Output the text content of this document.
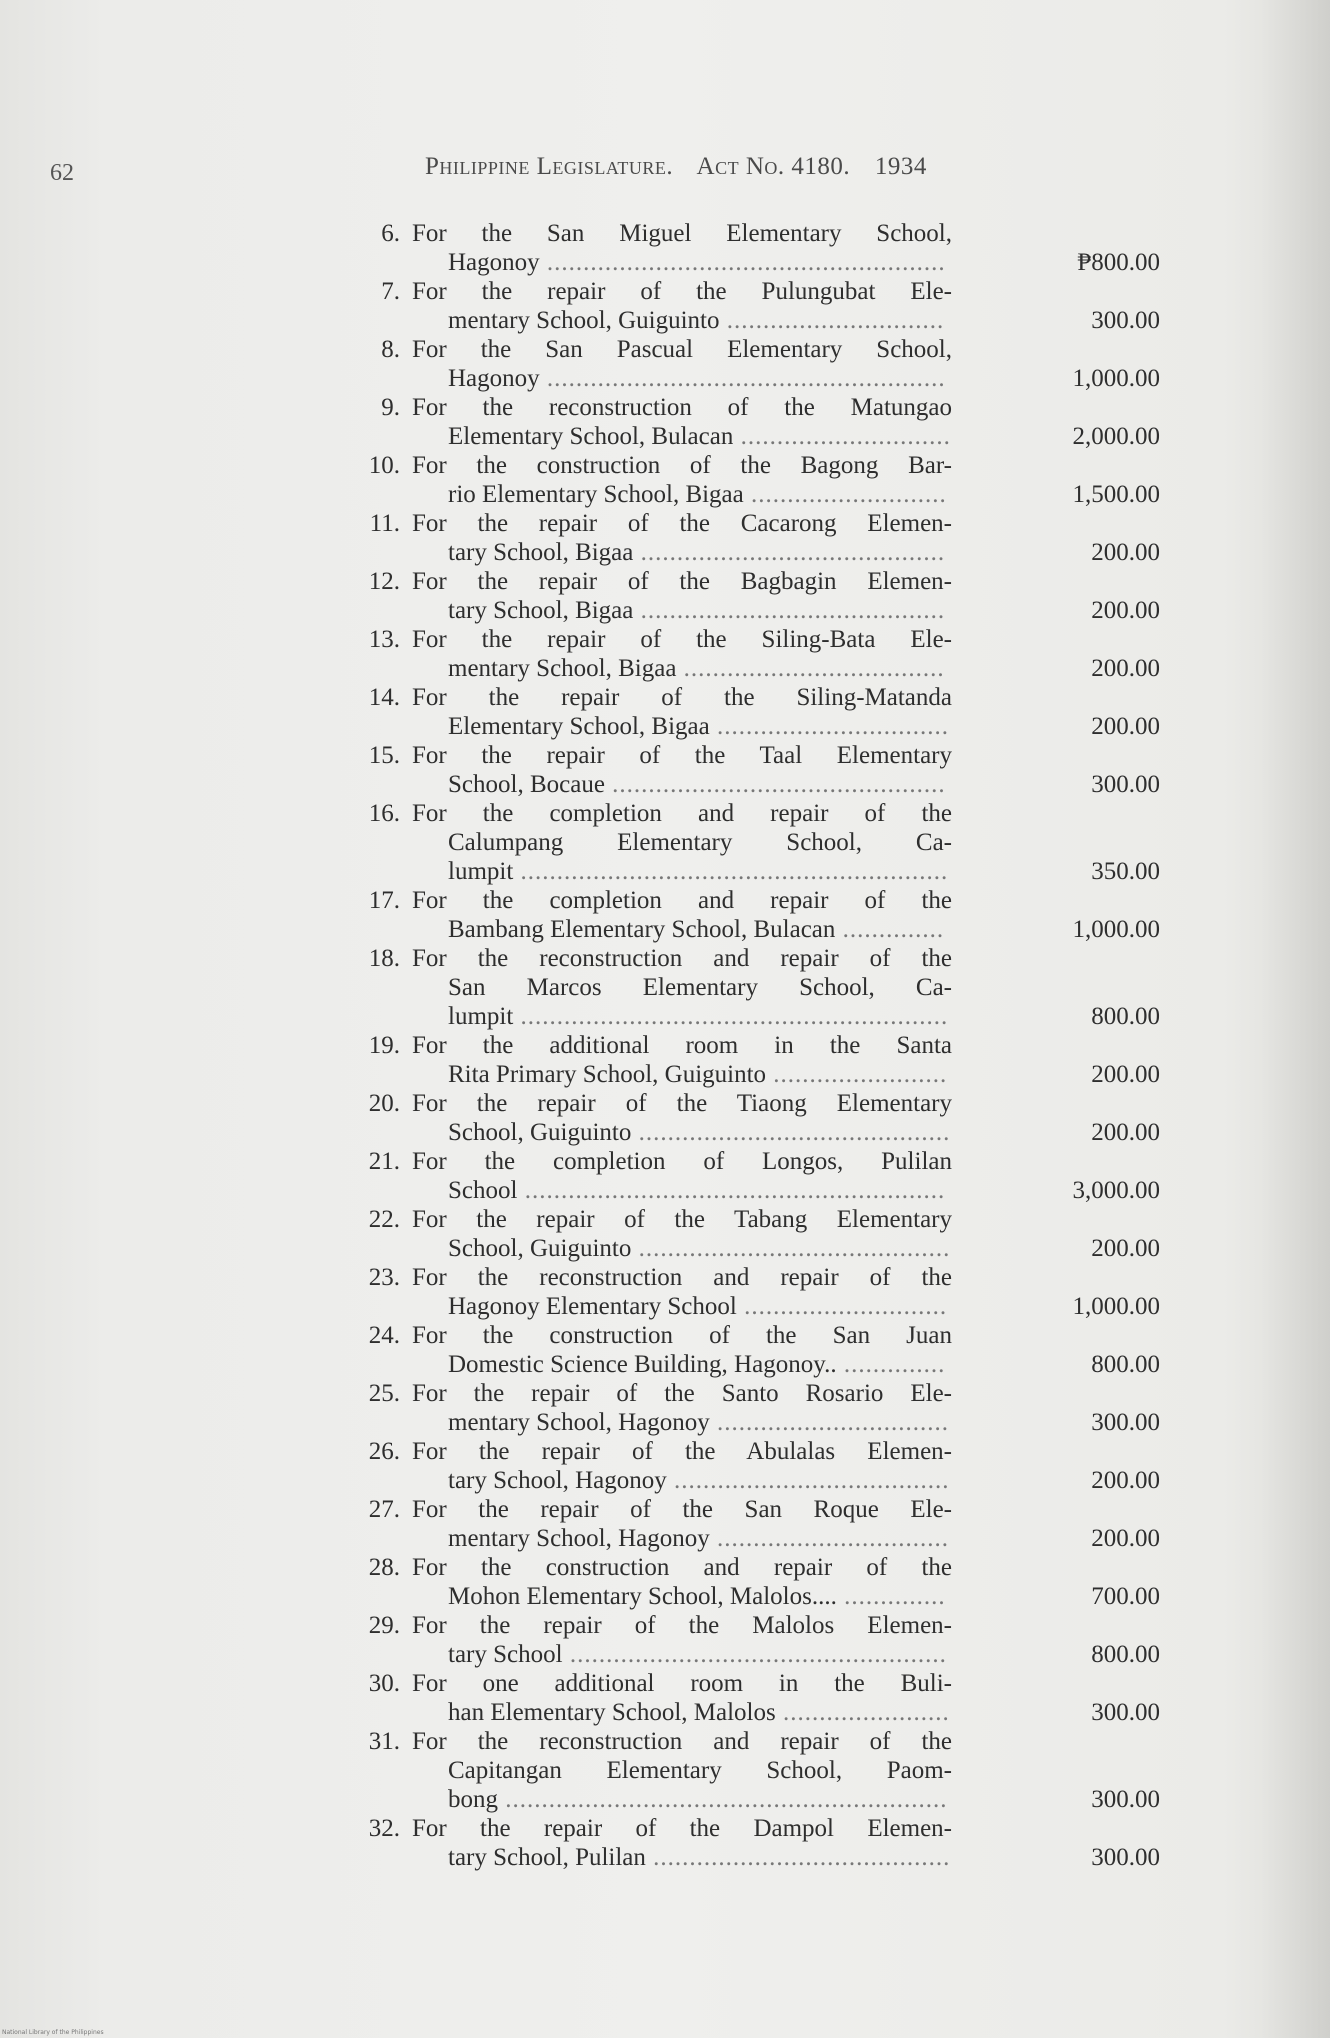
62	Philippine Legislature. Act No. 4180. 1934
6. For the San Miguel Elementary School,
Hagonoy .......................................................	₱800.00
7. For the repair of the Pulungubat Ele-
mentary School, Guiguinto ..............................	300.00
8. For the San Pascual Elementary School,
Hagonoy .......................................................	1,000.00
9. For the reconstruction of the Matungao
Elementary School, Bulacan .............................	2,000.00
10. For the construction of the Bagong Bar-
rio Elementary School, Bigaa ...........................	1,500.00
11. For the repair of the Cacarong Elemen-
tary School, Bigaa ..........................................	200.00
12. For the repair of the Bagbagin Elemen-
tary School, Bigaa ..........................................	200.00
13. For the repair of the Siling-Bata Ele-
mentary School, Bigaa ....................................	200.00
14. For the repair of the Siling-Matanda
Elementary School, Bigaa ................................	200.00
15. For the repair of the Taal Elementary
School, Bocaue ..............................................	300.00
16. For the completion and repair of the
Calumpang Elementary School, Ca-
lumpit ...........................................................	350.00
17. For the completion and repair of the
Bambang Elementary School, Bulacan ..............	1,000.00
18. For the reconstruction and repair of the
San Marcos Elementary School, Ca-
lumpit ...........................................................	800.00
19. For the additional room in the Santa
Rita Primary School, Guiguinto ........................	200.00
20. For the repair of the Tiaong Elementary
School, Guiguinto ...........................................	200.00
21. For the completion of Longos, Pulilan
School ..........................................................	3,000.00
22. For the repair of the Tabang Elementary
School, Guiguinto ...........................................	200.00
23. For the reconstruction and repair of the
Hagonoy Elementary School ............................	1,000.00
24. For the construction of the San Juan
Domestic Science Building, Hagonoy.. ..............	800.00
25. For the repair of the Santo Rosario Ele-
mentary School, Hagonoy ................................	300.00
26. For the repair of the Abulalas Elemen-
tary School, Hagonoy ......................................	200.00
27. For the repair of the San Roque Ele-
mentary School, Hagonoy ................................	200.00
28. For the construction and repair of the
Mohon Elementary School, Malolos.... ..............	700.00
29. For the repair of the Malolos Elemen-
tary School ....................................................	800.00
30. For one additional room in the Buli-
han Elementary School, Malolos .......................	300.00
31. For the reconstruction and repair of the
Capitangan Elementary School, Paom-
bong .............................................................	300.00
32. For the repair of the Dampol Elemen-
tary School, Pulilan .........................................	300.00
National Library of the Philippines
